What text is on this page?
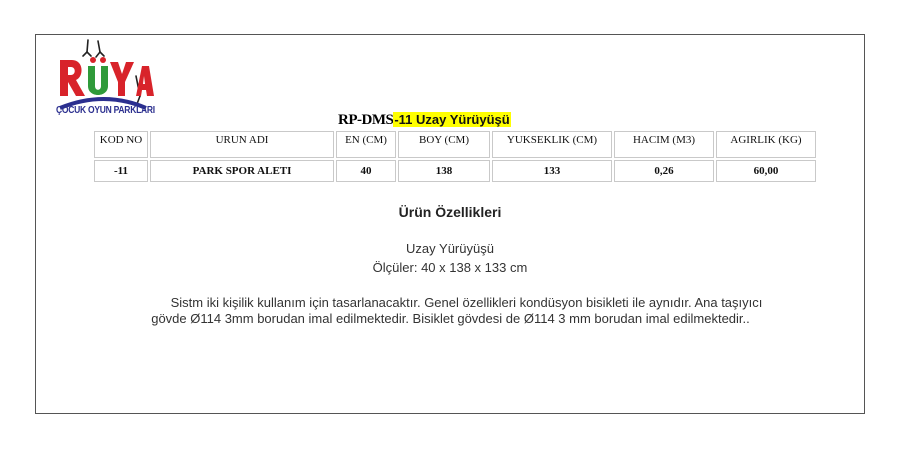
ÇOCUK OYUN PARKLARI
RP-DMS-11 Uzay Yürüyüşü
KOD NO	URUN ADI	EN (CM)	BOY (CM)	YUKSEKLIK (CM)	HACIM (M3)	AGIRLIK (KG)
-11	PARK SPOR ALETI	40	138	133	0,26	60,00
Ürün Özellikleri
Uzay Yürüyüşü
Ölçüler: 40 x 138 x 133 cm
Sistm iki kişilik kullanım için tasarlanacaktır. Genel özellikleri kondüsyon bisikleti ile aynıdır. Ana taşıyıcı gövde Ø114 3mm borudan imal edilmektedir. Bisiklet gövdesi de Ø114 3 mm borudan imal edilmektedir..
